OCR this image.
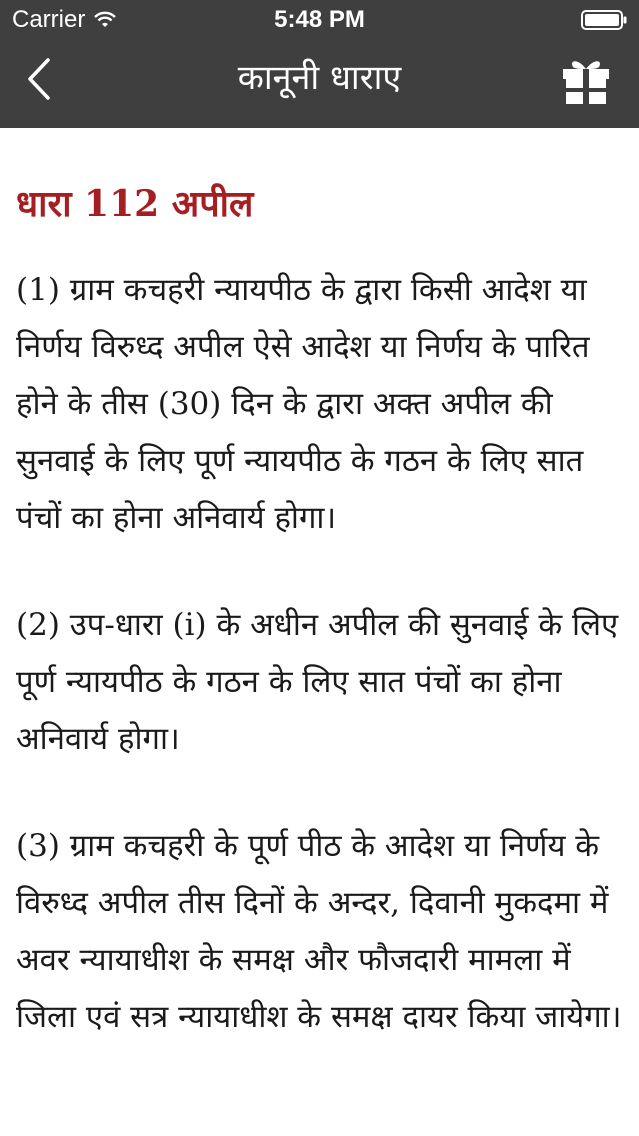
Carrier	5:48 PM
कानूनी धाराए
धारा 112 अपील
(1) ग्राम कचहरी न्यायपीठ के द्वारा किसी आदेश या निर्णय विरुध्द अपील ऐसे आदेश या निर्णय के पारित होने के तीस (30) दिन के द्वारा अक्त अपील की सुनवाई के लिए पूर्ण न्यायपीठ के गठन के लिए सात पंचों का होना अनिवार्य होगा।
(2) उप-धारा (i) के अधीन अपील की सुनवाई के लिए पूर्ण न्यायपीठ के गठन के लिए सात पंचों का होना अनिवार्य होगा।
(3) ग्राम कचहरी के पूर्ण पीठ के आदेश या निर्णय के विरुध्द अपील तीस दिनों के अन्दर, दिवानी मुकदमा में अवर न्यायाधीश के समक्ष और फौजदारी मामला में जिला एवं सत्र न्यायाधीश के समक्ष दायर किया जायेगा।
